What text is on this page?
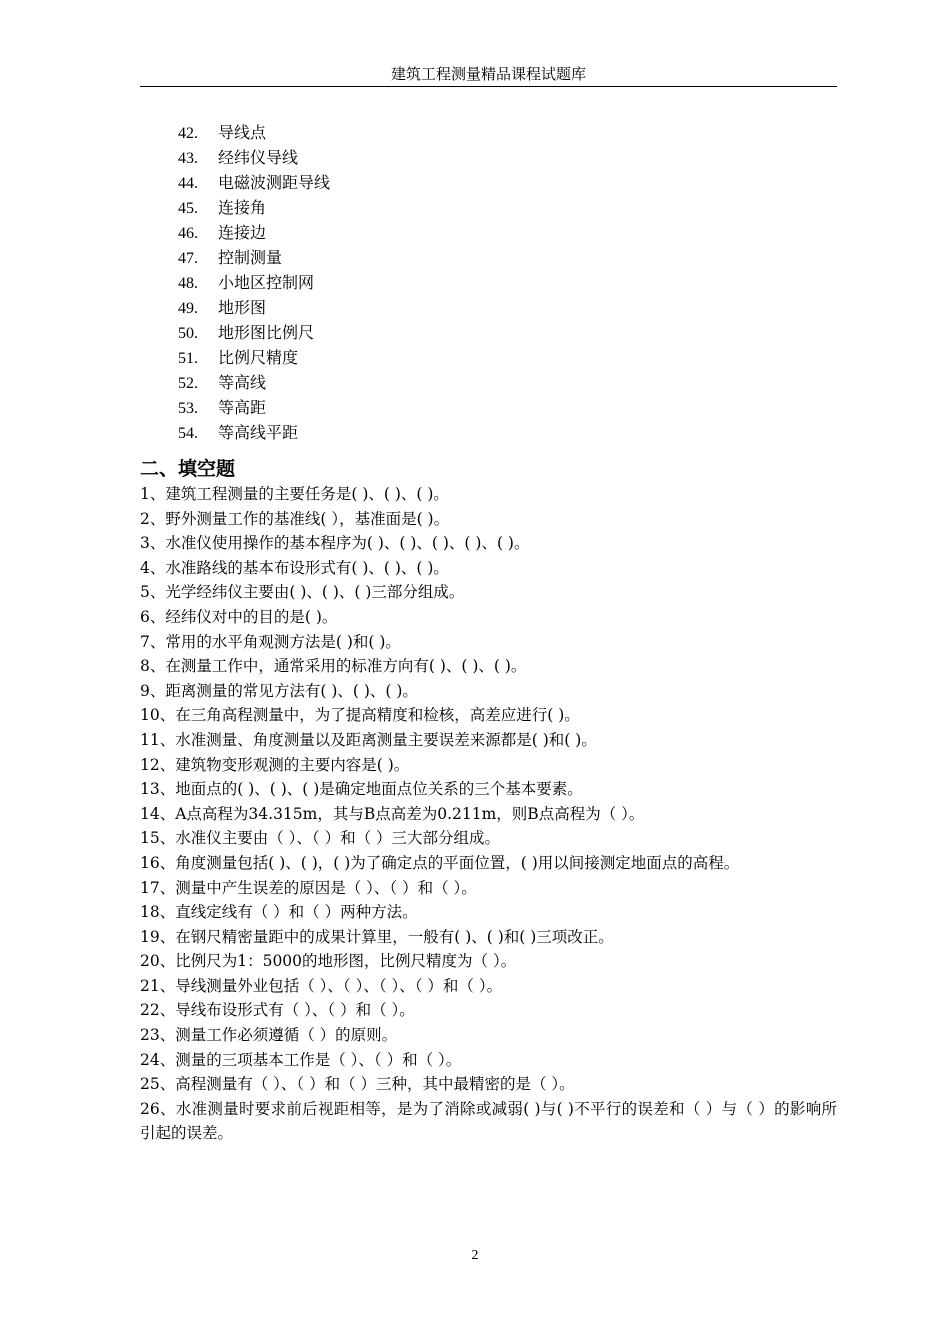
建筑工程测量精品课程试题库
42. 导线点
43. 经纬仪导线
44. 电磁波测距导线
45. 连接角
46. 连接边
47. 控制测量
48. 小地区控制网
49. 地形图
50. 地形图比例尺
51. 比例尺精度
52. 等高线
53. 等高距
54. 等高线平距
二、填空题
1、建筑工程测量的主要任务是( )、( )、( )。
2、野外测量工作的基准线( ），基准面是( )。
3、水准仪使用操作的基本程序为( )、( )、( )、( )、( )。
4、水准路线的基本布设形式有( )、( )、( )。
5、光学经纬仪主要由( )、( )、( )三部分组成。
6、经纬仪对中的目的是( )。
7、常用的水平角观测方法是( )和( )。
8、在测量工作中，通常采用的标准方向有( )、( )、( )。
9、距离测量的常见方法有( )、( )、( )。
10、在三角高程测量中，为了提高精度和检核，高差应进行( )。
11、水准测量、角度测量以及距离测量主要误差来源都是( )和( )。
12、建筑物变形观测的主要内容是( )。
13、地面点的( )、( )、( )是确定地面点位关系的三个基本要素。
14、A点高程为34.315m，其与B点高差为0.211m，则B点高程为（ ）。
15、水准仪主要由（ ）、（ ）和（ ）三大部分组成。
16、角度测量包括( )、( )，( )为了确定点的平面位置，( )用以间接测定地面点的高程。
17、测量中产生误差的原因是（ ）、（ ）和（ ）。
18、直线定线有（ ）和（ ）两种方法。
19、在钢尺精密量距中的成果计算里，一般有( )、( )和( )三项改正。
20、比例尺为1：5000的地形图，比例尺精度为（ ）。
21、导线测量外业包括（ ）、（ ）、（ ）、（ ）和（ ）。
22、导线布设形式有（ ）、（ ）和（ ）。
23、测量工作必须遵循（ ）的原则。
24、测量的三项基本工作是（ ）、（ ）和（ ）。
25、高程测量有（ ）、（ ）和（ ）三种，其中最精密的是（ ）。
26、水准测量时要求前后视距相等，是为了消除或减弱( )与( )不平行的误差和（ ）与（ ）的影响所引起的误差。
2
